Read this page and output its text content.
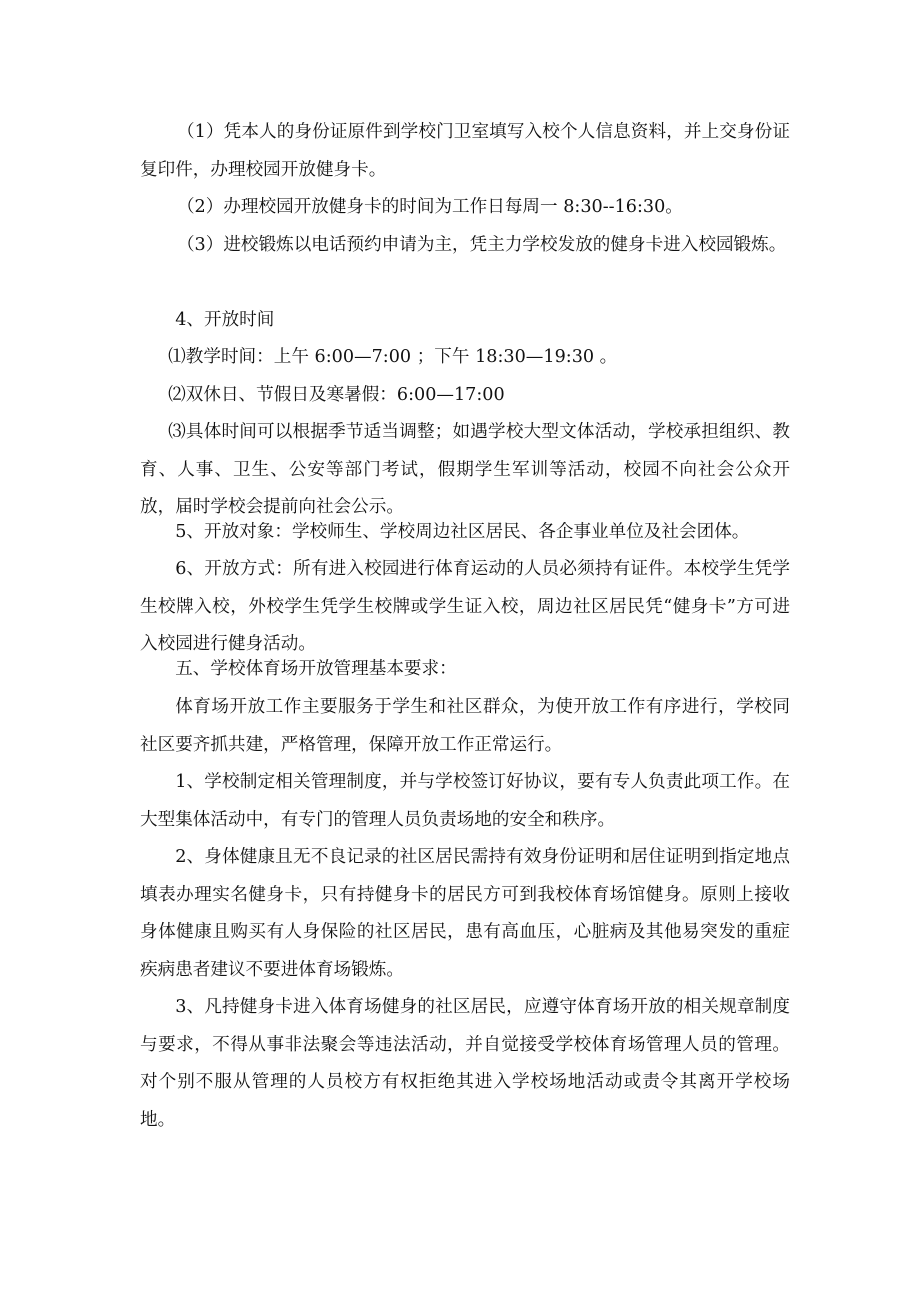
（1）凭本人的身份证原件到学校门卫室填写入校个人信息资料，并上交身份证复印件，办理校园开放健身卡。

（2）办理校园开放健身卡的时间为工作日每周一 8:30--16:30。

（3）进校锻炼以电话预约申请为主，凭主力学校发放的健身卡进入校园锻炼。

4、开放时间

⑴教学时间：上午 6:00—7:00 ；下午 18:30—19:30 。

⑵双休日、节假日及寒暑假：6:00—17:00

⑶具体时间可以根据季节适当调整；如遇学校大型文体活动，学校承担组织、教育、人事、卫生、公安等部门考试，假期学生军训等活动，校园不向社会公众开放，届时学校会提前向社会公示。

5、开放对象：学校师生、学校周边社区居民、各企事业单位及社会团体。

6、开放方式：所有进入校园进行体育运动的人员必须持有证件。本校学生凭学生校牌入校，外校学生凭学生校牌或学生证入校，周边社区居民凭“健身卡”方可进入校园进行健身活动。

五、学校体育场开放管理基本要求：

体育场开放工作主要服务于学生和社区群众，为使开放工作有序进行，学校同社区要齐抓共建，严格管理，保障开放工作正常运行。

1、学校制定相关管理制度，并与学校签订好协议，要有专人负责此项工作。在大型集体活动中，有专门的管理人员负责场地的安全和秩序。

2、身体健康且无不良记录的社区居民需持有效身份证明和居住证明到指定地点填表办理实名健身卡，只有持健身卡的居民方可到我校体育场馆健身。原则上接收身体健康且购买有人身保险的社区居民，患有高血压，心脏病及其他易突发的重症疾病患者建议不要进体育场锻炼。

3、凡持健身卡进入体育场健身的社区居民，应遵守体育场开放的相关规章制度与要求，不得从事非法聚会等违法活动，并自觉接受学校体育场管理人员的管理。对个别不服从管理的人员校方有权拒绝其进入学校场地活动或责令其离开学校场地。
